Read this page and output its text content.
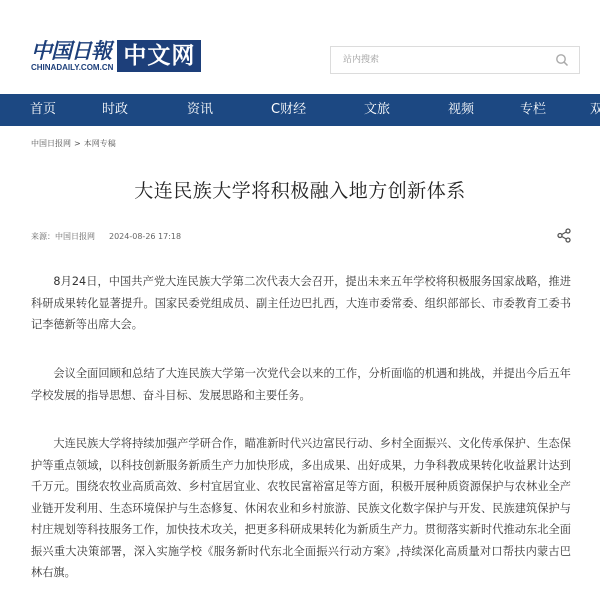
中国日報
CHINADAILY.COM.CN 中文网
站内搜索
首页	时政	资讯	C财经	文旅	视频	专栏	双
中国日报网 > 本网专稿
大连民族大学将积极融入地方创新体系
来源：中国日报网 2024-08-26 17:18

8月24日，中国共产党大连民族大学第二次代表大会召开，提出未来五年学校将积极服务国家战略，推进科研成果转化显著提升。国家民委党组成员、副主任边巴扎西，大连市委常委、组织部部长、市委教育工委书记李德新等出席大会。

会议全面回顾和总结了大连民族大学第一次党代会以来的工作，分析面临的机遇和挑战，并提出今后五年学校发展的指导思想、奋斗目标、发展思路和主要任务。

大连民族大学将持续加强产学研合作，瞄准新时代兴边富民行动、乡村全面振兴、文化传承保护、生态保护等重点领域，以科技创新服务新质生产力加快形成，多出成果、出好成果，力争科教成果转化收益累计达到千万元。围绕农牧业高质高效、乡村宜居宜业、农牧民富裕富足等方面，积极开展种质资源保护与农林业全产业链开发利用、生态环境保护与生态修复、休闲农业和乡村旅游、民族文化数字保护与开发、民族建筑保护与村庄规划等科技服务工作，加快技术攻关，把更多科研成果转化为新质生产力。贯彻落实新时代推动东北全面振兴重大决策部署，深入实施学校《服务新时代东北全面振兴行动方案》,持续深化高质量对口帮扶内蒙古巴林右旗。
